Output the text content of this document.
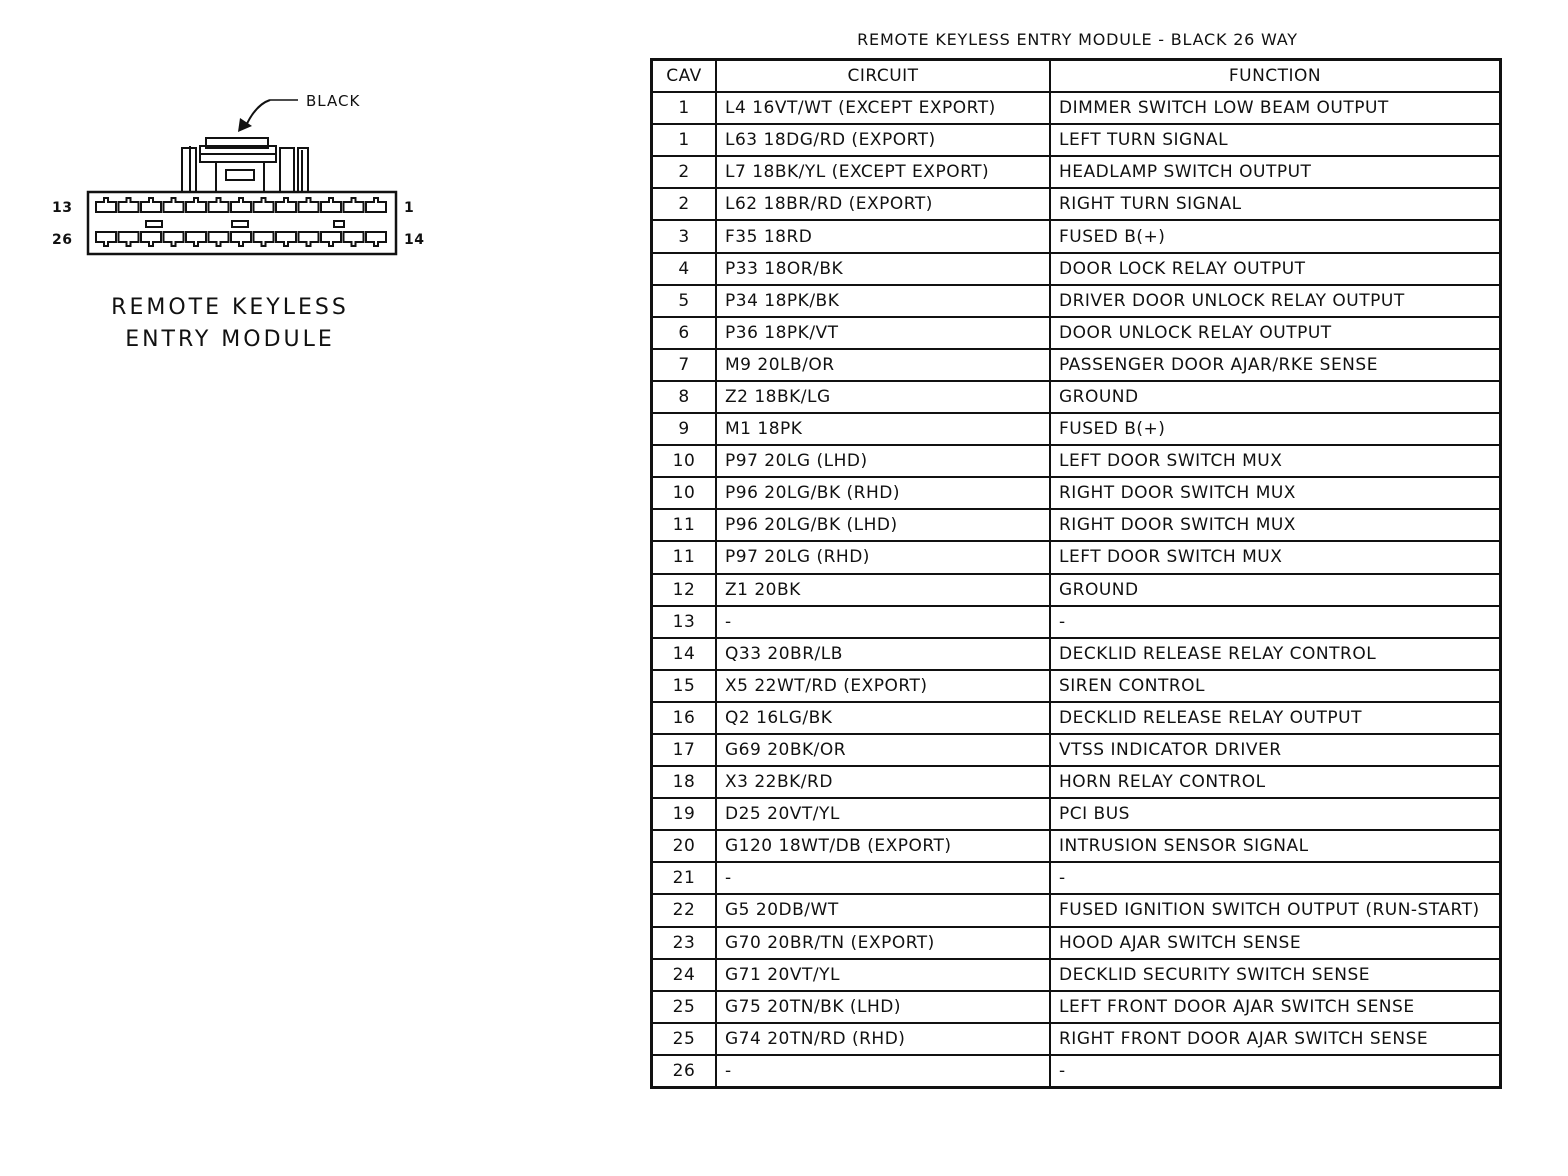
BLACK
13	1
26	14
REMOTE KEYLESS
ENTRY MODULE
REMOTE KEYLESS ENTRY MODULE - BLACK 26 WAY
CAV	CIRCUIT	FUNCTION
1	L4 16VT/WT (EXCEPT EXPORT)	DIMMER SWITCH LOW BEAM OUTPUT
1	L63 18DG/RD (EXPORT)	LEFT TURN SIGNAL
2	L7 18BK/YL (EXCEPT EXPORT)	HEADLAMP SWITCH OUTPUT
2	L62 18BR/RD (EXPORT)	RIGHT TURN SIGNAL
3	F35 18RD	FUSED B(+)
4	P33 18OR/BK	DOOR LOCK RELAY OUTPUT
5	P34 18PK/BK	DRIVER DOOR UNLOCK RELAY OUTPUT
6	P36 18PK/VT	DOOR UNLOCK RELAY OUTPUT
7	M9 20LB/OR	PASSENGER DOOR AJAR/RKE SENSE
8	Z2 18BK/LG	GROUND
9	M1 18PK	FUSED B(+)
10	P97 20LG (LHD)	LEFT DOOR SWITCH MUX
10	P96 20LG/BK (RHD)	RIGHT DOOR SWITCH MUX
11	P96 20LG/BK (LHD)	RIGHT DOOR SWITCH MUX
11	P97 20LG (RHD)	LEFT DOOR SWITCH MUX
12	Z1 20BK	GROUND
13	-	-
14	Q33 20BR/LB	DECKLID RELEASE RELAY CONTROL
15	X5 22WT/RD (EXPORT)	SIREN CONTROL
16	Q2 16LG/BK	DECKLID RELEASE RELAY OUTPUT
17	G69 20BK/OR	VTSS INDICATOR DRIVER
18	X3 22BK/RD	HORN RELAY CONTROL
19	D25 20VT/YL	PCI BUS
20	G120 18WT/DB (EXPORT)	INTRUSION SENSOR SIGNAL
21	-	-
22	G5 20DB/WT	FUSED IGNITION SWITCH OUTPUT (RUN-START)
23	G70 20BR/TN (EXPORT)	HOOD AJAR SWITCH SENSE
24	G71 20VT/YL	DECKLID SECURITY SWITCH SENSE
25	G75 20TN/BK (LHD)	LEFT FRONT DOOR AJAR SWITCH SENSE
25	G74 20TN/RD (RHD)	RIGHT FRONT DOOR AJAR SWITCH SENSE
26	-	-
